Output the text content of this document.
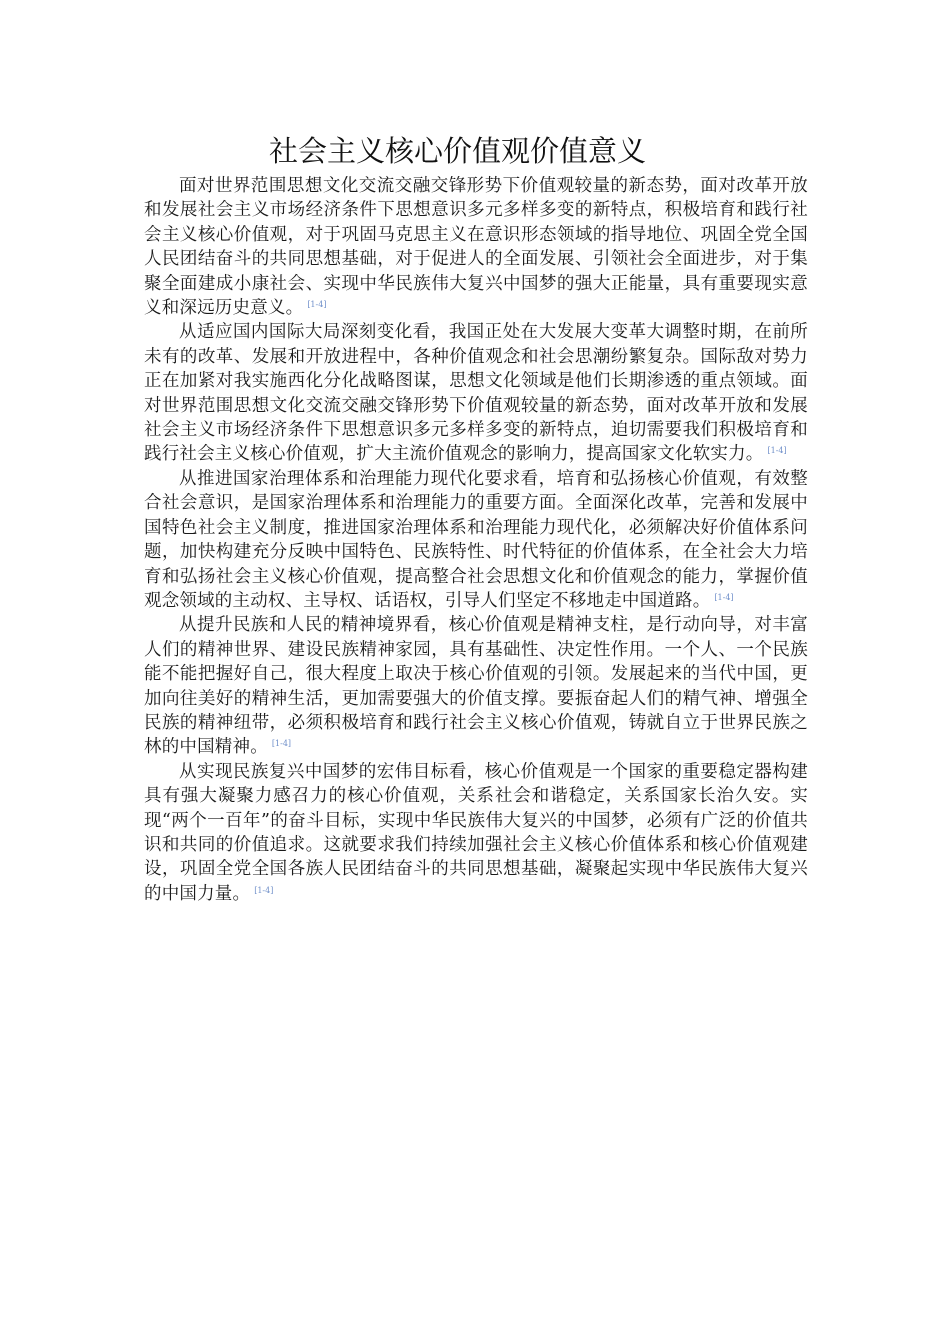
社会主义核心价值观价值意义

面对世界范围思想文化交流交融交锋形势下价值观较量的新态势，面对改革开放和发展社会主义市场经济条件下思想意识多元多样多变的新特点，积极培育和践行社会主义核心价值观，对于巩固马克思主义在意识形态领域的指导地位、巩固全党全国人民团结奋斗的共同思想基础，对于促进人的全面发展、引领社会全面进步，对于集聚全面建成小康社会、实现中华民族伟大复兴中国梦的强大正能量，具有重要现实意义和深远历史意义。 [1-4]

从适应国内国际大局深刻变化看，我国正处在大发展大变革大调整时期，在前所未有的改革、发展和开放进程中，各种价值观念和社会思潮纷繁复杂。国际敌对势力正在加紧对我实施西化分化战略图谋，思想文化领域是他们长期渗透的重点领域。面对世界范围思想文化交流交融交锋形势下价值观较量的新态势，面对改革开放和发展社会主义市场经济条件下思想意识多元多样多变的新特点，迫切需要我们积极培育和践行社会主义核心价值观，扩大主流价值观念的影响力，提高国家文化软实力。 [1-4]

从推进国家治理体系和治理能力现代化要求看，培育和弘扬核心价值观，有效整合社会意识，是国家治理体系和治理能力的重要方面。全面深化改革，完善和发展中国特色社会主义制度，推进国家治理体系和治理能力现代化，必须解决好价值体系问题，加快构建充分反映中国特色、民族特性、时代特征的价值体系，在全社会大力培育和弘扬社会主义核心价值观，提高整合社会思想文化和价值观念的能力，掌握价值观念领域的主动权、主导权、话语权，引导人们坚定不移地走中国道路。 [1-4]

从提升民族和人民的精神境界看，核心价值观是精神支柱，是行动向导，对丰富人们的精神世界、建设民族精神家园，具有基础性、决定性作用。一个人、一个民族能不能把握好自己，很大程度上取决于核心价值观的引领。发展起来的当代中国，更加向往美好的精神生活，更加需要强大的价值支撑。要振奋起人们的精气神、增强全民族的精神纽带，必须积极培育和践行社会主义核心价值观，铸就自立于世界民族之林的中国精神。 [1-4]

从实现民族复兴中国梦的宏伟目标看，核心价值观是一个国家的重要稳定器构建具有强大凝聚力感召力的核心价值观，关系社会和谐稳定，关系国家长治久安。实现“两个一百年”的奋斗目标，实现中华民族伟大复兴的中国梦，必须有广泛的价值共识和共同的价值追求。这就要求我们持续加强社会主义核心价值体系和核心价值观建设，巩固全党全国各族人民团结奋斗的共同思想基础，凝聚起实现中华民族伟大复兴的中国力量。 [1-4]
